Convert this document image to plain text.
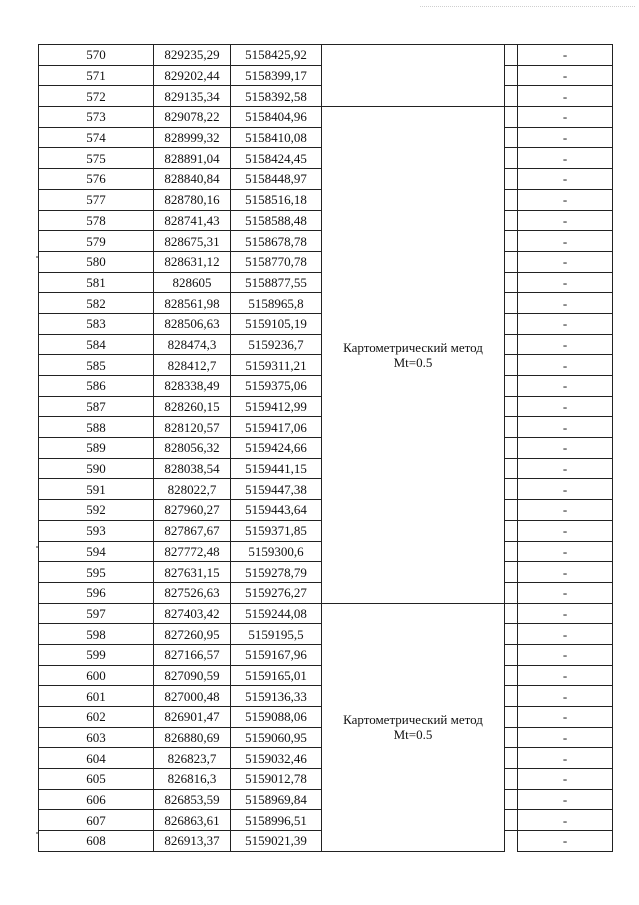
570	829235,29	5158425,92			-
571	829202,44	5158399,17			-
572	829135,34	5158392,58			-
573	829078,22	5158404,96	Картометрический метод
Mt=0.5		-
574	828999,32	5158410,08			-
575	828891,04	5158424,45			-
576	828840,84	5158448,97			-
577	828780,16	5158516,18			-
578	828741,43	5158588,48			-
579	828675,31	5158678,78			-
580	828631,12	5158770,78			-
581	828605	5158877,55			-
582	828561,98	5158965,8			-
583	828506,63	5159105,19			-
584	828474,3	5159236,7			-
585	828412,7	5159311,21			-
586	828338,49	5159375,06			-
587	828260,15	5159412,99			-
588	828120,57	5159417,06			-
589	828056,32	5159424,66			-
590	828038,54	5159441,15			-
591	828022,7	5159447,38			-
592	827960,27	5159443,64			-
593	827867,67	5159371,85			-
594	827772,48	5159300,6			-
595	827631,15	5159278,79			-
596	827526,63	5159276,27			-
597	827403,42	5159244,08	Картометрический метод
Mt=0.5		-
598	827260,95	5159195,5			-
599	827166,57	5159167,96			-
600	827090,59	5159165,01			-
601	827000,48	5159136,33			-
602	826901,47	5159088,06			-
603	826880,69	5159060,95			-
604	826823,7	5159032,46			-
605	826816,3	5159012,78			-
606	826853,59	5158969,84			-
607	826863,61	5158996,51			-
608	826913,37	5159021,39			-
